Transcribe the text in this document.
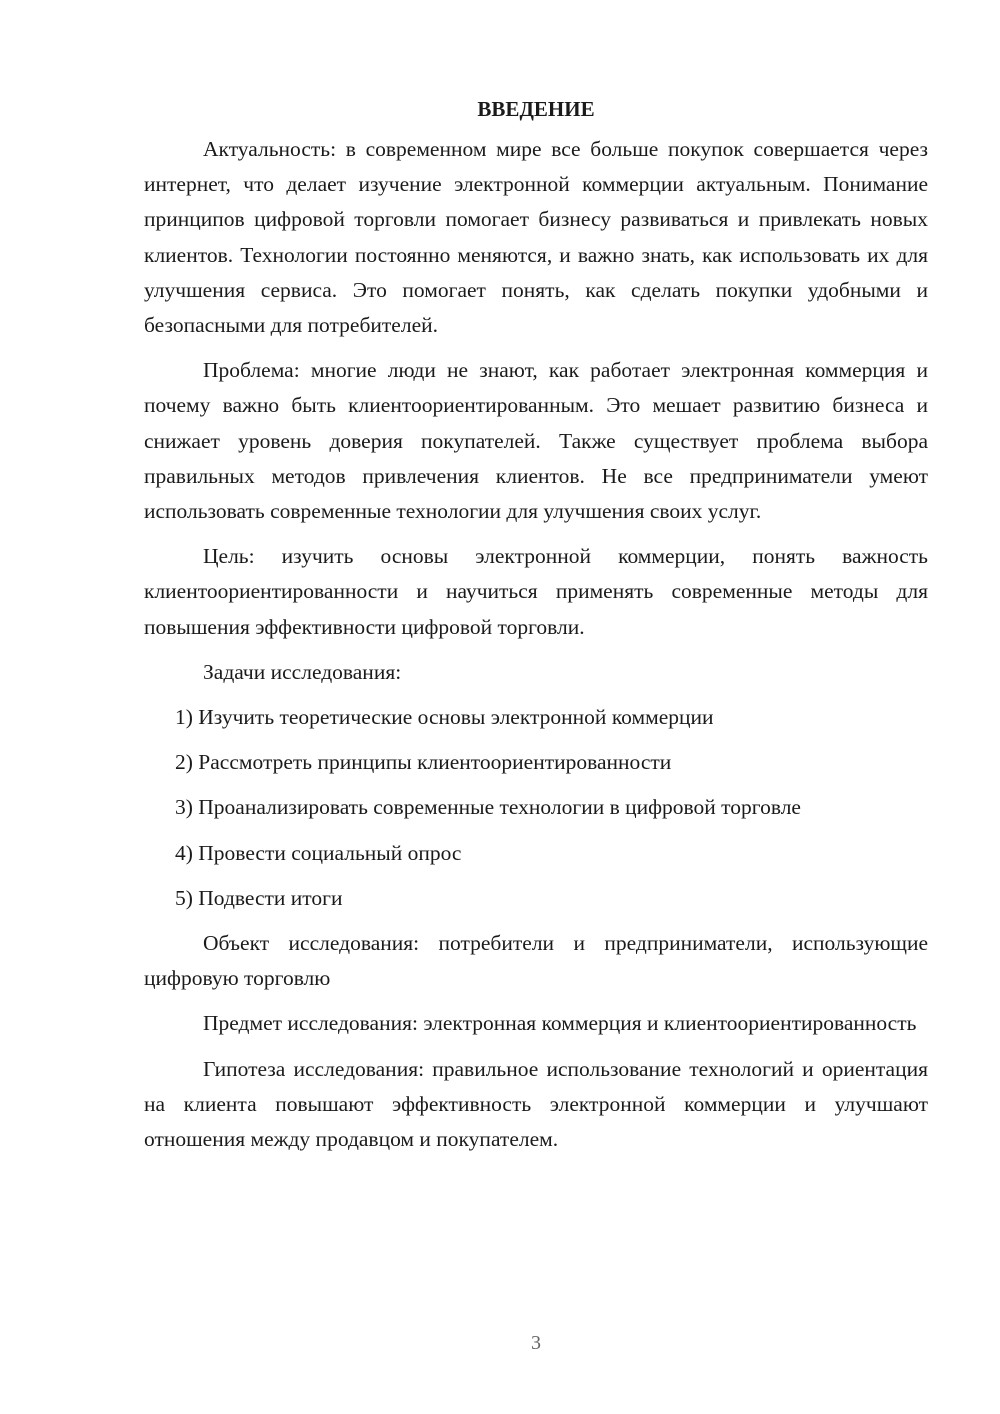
ВВЕДЕНИЕ

Актуальность: в современном мире все больше покупок совершается через интернет, что делает изучение электронной коммерции актуальным. Понимание принципов цифровой торговли помогает бизнесу развиваться и привлекать новых клиентов. Технологии постоянно меняются, и важно знать, как использовать их для улучшения сервиса. Это помогает понять, как сделать покупки удобными и безопасными для потребителей.

Проблема: многие люди не знают, как работает электронная коммерция и почему важно быть клиентоориентированным. Это мешает развитию бизнеса и снижает уровень доверия покупателей. Также существует проблема выбора правильных методов привлечения клиентов. Не все предприниматели умеют использовать современные технологии для улучшения своих услуг.

Цель: изучить основы электронной коммерции, понять важность клиентоориентированности и научиться применять современные методы для повышения эффективности цифровой торговли.

Задачи исследования:

1) Изучить теоретические основы электронной коммерции
2) Рассмотреть принципы клиентоориентированности
3) Проанализировать современные технологии в цифровой торговле
4) Провести социальный опрос
5) Подвести итоги

Объект исследования: потребители и предприниматели, использующие цифровую торговлю

Предмет исследования: электронная коммерция и клиентоориентированность

Гипотеза исследования: правильное использование технологий и ориентация на клиента повышают эффективность электронной коммерции и улучшают отношения между продавцом и покупателем.

3
